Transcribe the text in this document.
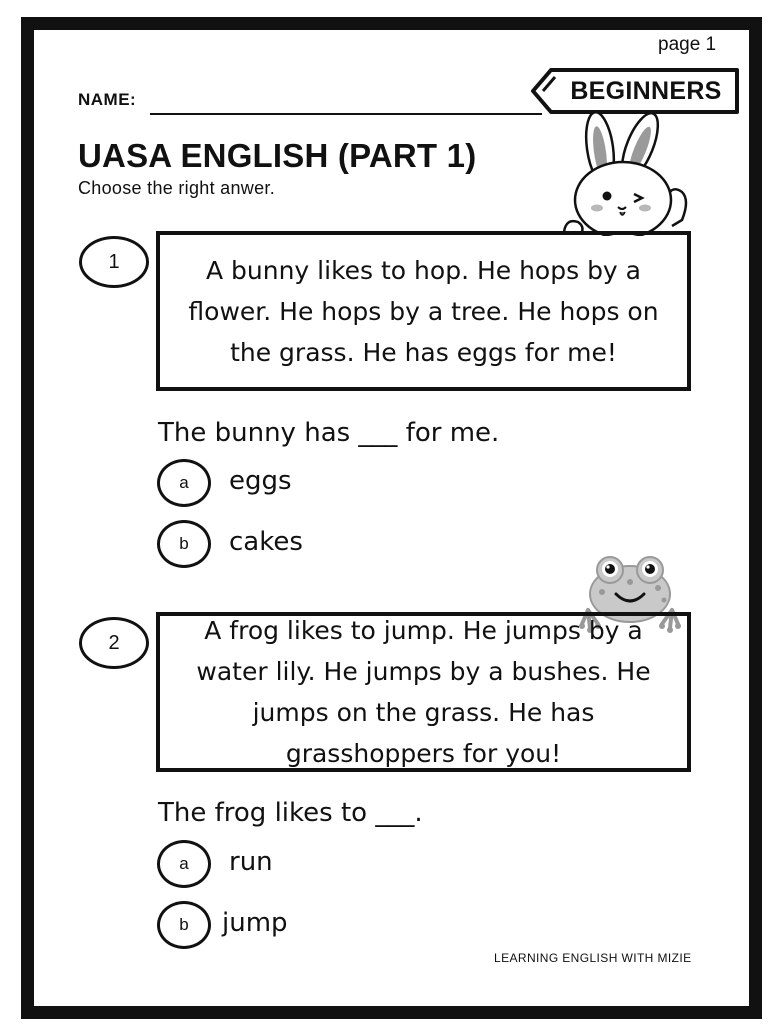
page 1
NAME:	BEGINNERS
UASA ENGLISH (PART 1)
Choose the right anwer.
1	A bunny likes to hop. He hops by a flower. He hops by a tree. He hops on the grass. He has eggs for me!
The bunny has ___ for me.
a eggs
b cakes
2	A frog likes to jump. He jumps by a water lily. He jumps by a bushes. He jumps on the grass. He has grasshoppers for you!
The frog likes to ___.
a run
b jump
LEARNING ENGLISH WITH MIZIE
